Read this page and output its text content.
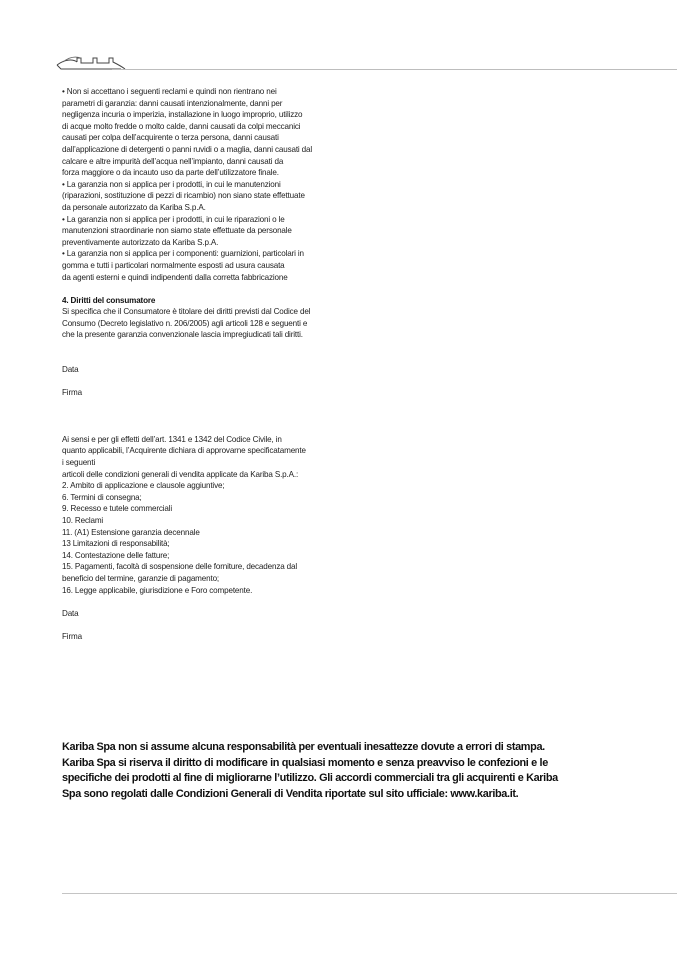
• Non si accettano i seguenti reclami e quindi non rientrano nei
parametri di garanzia: danni causati intenzionalmente, danni per
negligenza incuria o imperizia, installazione in luogo improprio, utilizzo
di acque molto fredde o molto calde, danni causati da colpi meccanici
causati per colpa dell’acquirente o terza persona, danni causati
dall’applicazione di detergenti o panni ruvidi o a maglia, danni causati dal
calcare e altre impurità dell’acqua nell’impianto, danni causati da
forza maggiore o da incauto uso da parte dell’utilizzatore finale.
• La garanzia non si applica per i prodotti, in cui le manutenzioni
(riparazioni, sostituzione di pezzi di ricambio) non siano state effettuate
da personale autorizzato da Kariba S.p.A.
• La garanzia non si applica per i prodotti, in cui le riparazioni o le
manutenzioni straordinarie non siamo state effettuate da personale
preventivamente autorizzato da Kariba S.p.A.
• La garanzia non si applica per i componenti: guarnizioni, particolari in
gomma e tutti i particolari normalmente esposti ad usura causata
da agenti esterni e quindi indipendenti dalla corretta fabbricazione
4. Diritti del consumatore
Si specifica che il Consumatore è titolare dei diritti previsti dal Codice del
Consumo (Decreto legislativo n. 206/2005) agli articoli 128 e seguenti e
che la presente garanzia convenzionale lascia impregiudicati tali diritti.
Data
Firma
Ai sensi e per gli effetti dell’art. 1341 e 1342 del Codice Civile, in
quanto applicabili, l’Acquirente dichiara di approvarne specificatamente
i seguenti
articoli delle condizioni generali di vendita applicate da Kariba S.p.A.:
2. Ambito di applicazione e clausole aggiuntive;
6. Termini di consegna;
9. Recesso e tutele commerciali
10. Reclami
11. (A1) Estensione garanzia decennale
13 Limitazioni di responsabilità;
14. Contestazione delle fatture;
15. Pagamenti, facoltà di sospensione delle forniture, decadenza dal
beneficio del termine, garanzie di pagamento;
16. Legge applicabile, giurisdizione e Foro competente.
Data
Firma
Kariba Spa non si assume alcuna responsabilità per eventuali inesattezze dovute a errori di stampa.
Kariba Spa si riserva il diritto di modificare in qualsiasi momento e senza preavviso le confezioni e le
specifiche dei prodotti al fine di migliorarne l’utilizzo. Gli accordi commerciali tra gli acquirenti e Kariba
Spa sono regolati dalle Condizioni Generali di Vendita riportate sul sito ufficiale: www.kariba.it.
